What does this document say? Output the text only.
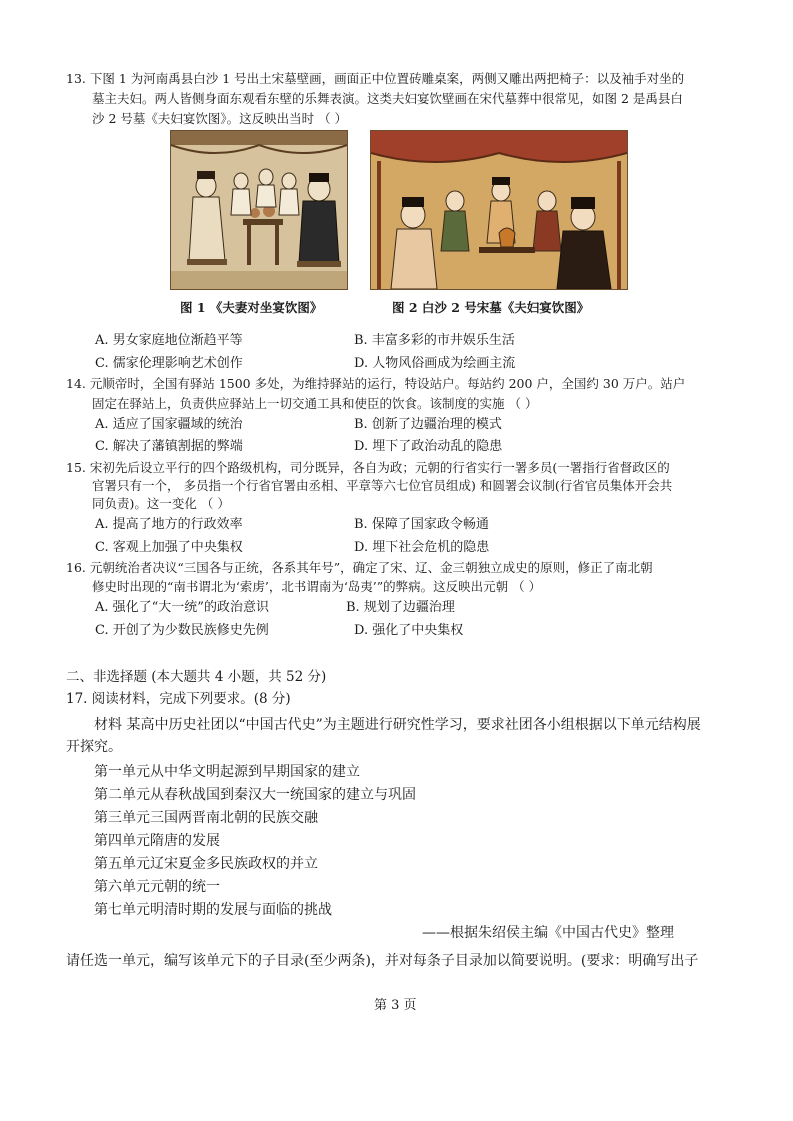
13. 下图 1 为河南禹县白沙 1 号出土宋墓壁画，画面正中位置砖雕桌案，两侧又雕出两把椅子：以及袖手对坐的
墓主夫妇。两人皆侧身面东观看东壁的乐舞表演。这类夫妇宴饮壁画在宋代墓葬中很常见，如图 2 是禹县白
沙 2 号墓《夫妇宴饮图》。这反映出当时 （ ）
图 1 《夫妻对坐宴饮图》	图 2 白沙 2 号宋墓《夫妇宴饮图》
A. 男女家庭地位渐趋平等	B. 丰富多彩的市井娱乐生活
C. 儒家伦理影响艺术创作	D. 人物风俗画成为绘画主流
14. 元顺帝时，全国有驿站 1500 多处，为维持驿站的运行，特设站户。每站约 200 户，全国约 30 万户。站户
固定在驿站上，负责供应驿站上一切交通工具和使臣的饮食。该制度的实施 （ ）
A. 适应了国家疆域的统治	B. 创新了边疆治理的模式
C. 解决了藩镇割据的弊端	D. 埋下了政治动乱的隐患
15. 宋初先后设立平行的四个路级机构，司分既异，各自为政；元朝的行省实行一署多员(一署指行省督政区的
官署只有一个， 多员指一个行省官署由丞相、平章等六七位官员组成) 和圆署会议制(行省官员集体开会共
同负责)。这一变化 （ ）
A. 提高了地方的行政效率	B. 保障了国家政令畅通
C. 客观上加强了中央集权	D. 埋下社会危机的隐患
16. 元朝统治者决议“三国各与正统，各系其年号”，确定了宋、辽、金三朝独立成史的原则，修正了南北朝
修史时出现的“南书谓北为‘索虏’，北书谓南为‘岛夷’”的弊病。这反映出元朝 （ ）
A. 强化了“大一统”的政治意识	B. 规划了边疆治理
C. 开创了为少数民族修史先例	D. 强化了中央集权
二、非选择题 (本大题共 4 小题，共 52 分)
17. 阅读材料，完成下列要求。(8 分)
材料 某高中历史社团以“中国古代史”为主题进行研究性学习，要求社团各小组根据以下单元结构展
开探究。
第一单元从中华文明起源到早期国家的建立
第二单元从春秋战国到秦汉大一统国家的建立与巩固
第三单元三国两晋南北朝的民族交融
第四单元隋唐的发展
第五单元辽宋夏金多民族政权的并立
第六单元元朝的统一
第七单元明清时期的发展与面临的挑战
——根据朱绍侯主编《中国古代史》整理
请任选一单元，编写该单元下的子目录(至少两条)，并对每条子目录加以简要说明。(要求：明确写出子
第 3 页
